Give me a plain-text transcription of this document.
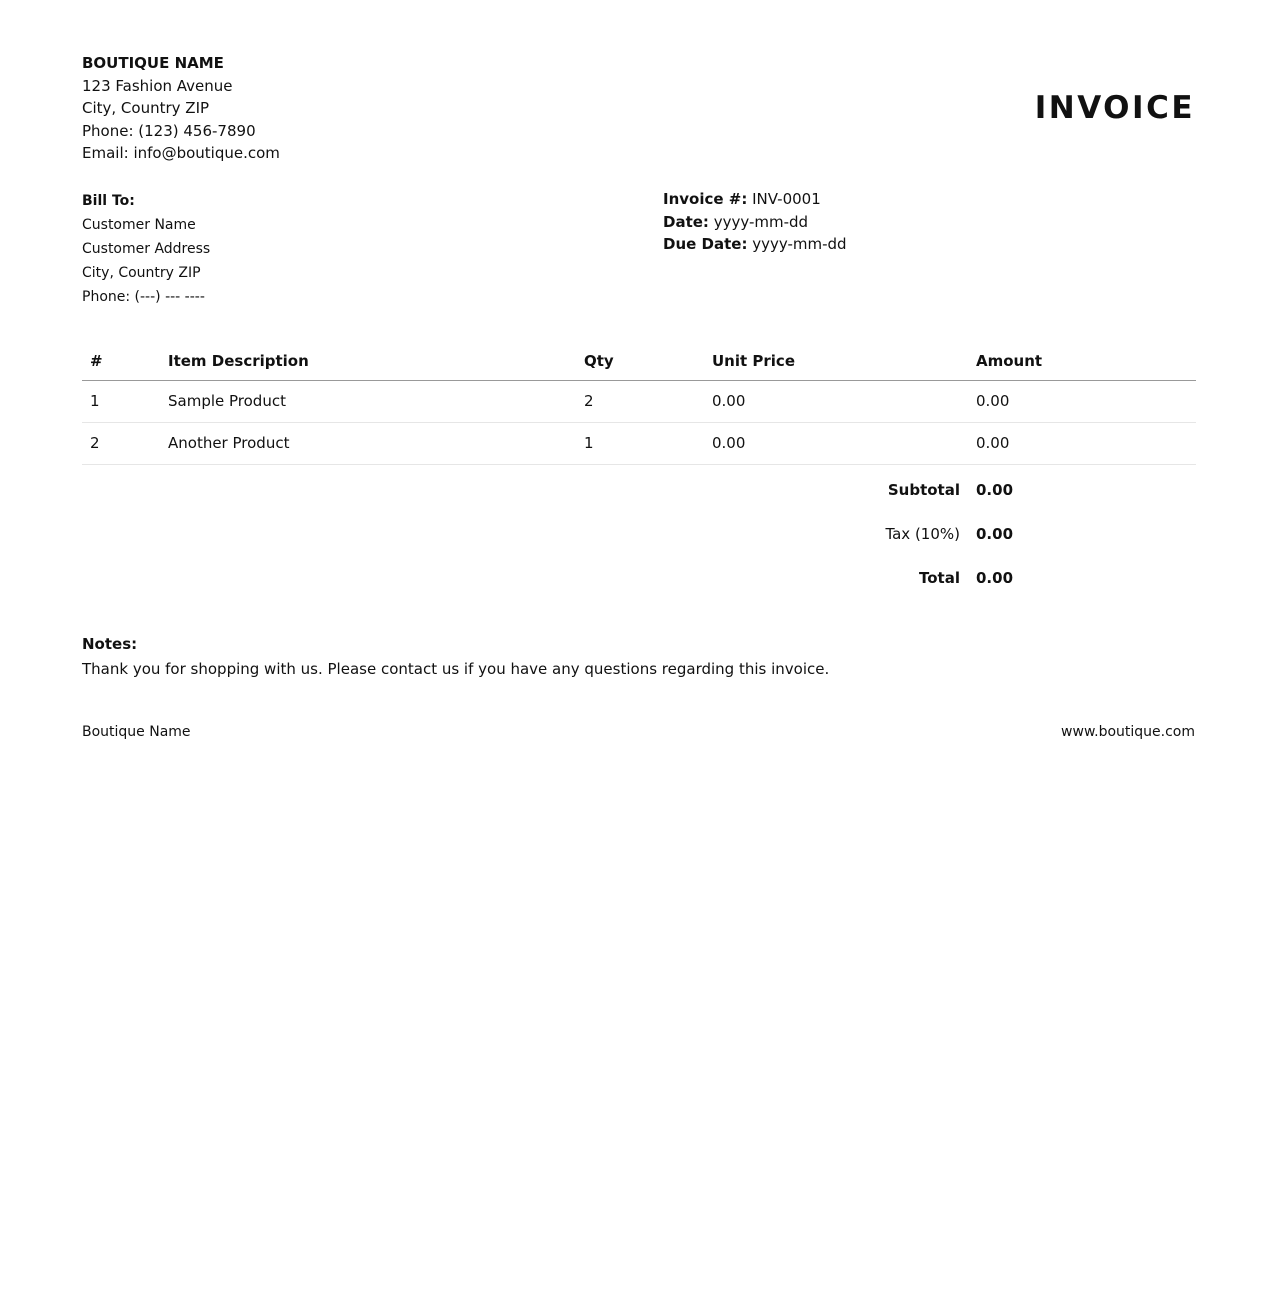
BOUTIQUE NAME
123 Fashion Avenue
City, Country ZIP
Phone: (123) 456-7890
Email: info@boutique.com
INVOICE
Bill To:
Customer Name
Customer Address
City, Country ZIP
Phone: (---) --- ----
Invoice #: INV-0001
Date: yyyy-mm-dd
Due Date: yyyy-mm-dd
#	Item Description	Qty	Unit Price	Amount
1	Sample Product	2	0.00	0.00
2	Another Product	1	0.00	0.00
Subtotal 0.00
Tax (10%) 0.00
Total 0.00
Notes:
Thank you for shopping with us. Please contact us if you have any questions regarding this invoice.
Boutique Name	www.boutique.com
